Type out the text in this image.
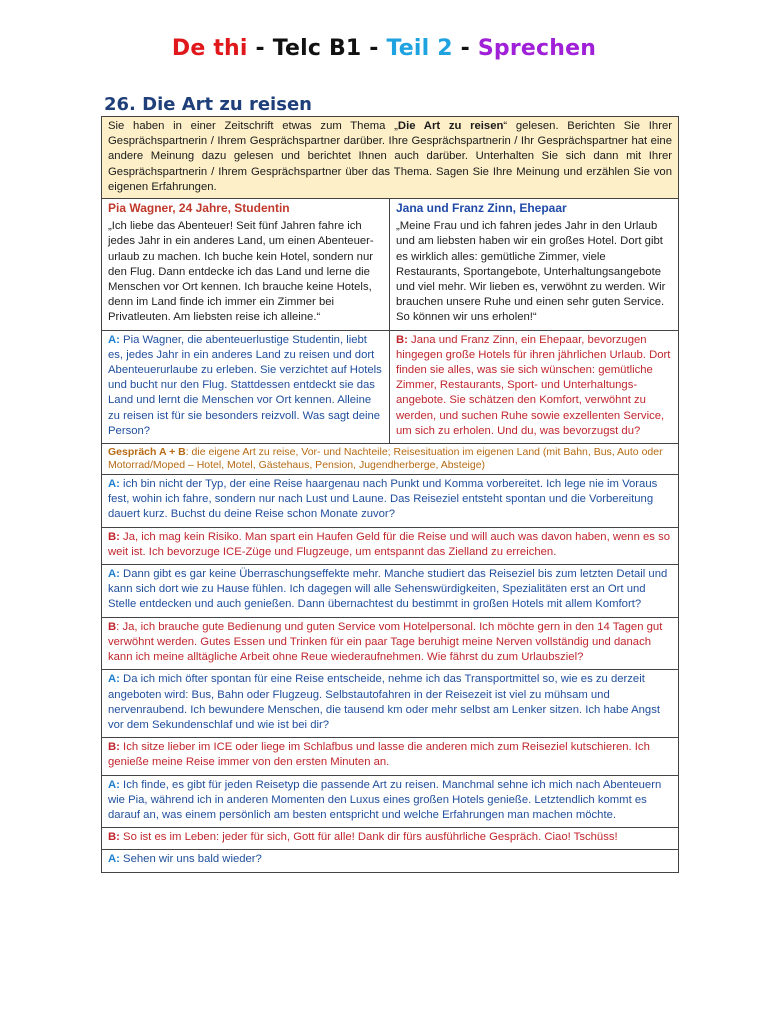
De thi - Telc B1 - Teil 2 - Sprechen
26. Die Art zu reisen
Sie haben in einer Zeitschrift etwas zum Thema „Die Art zu reisen“ gelesen. Berichten Sie Ihrer Gesprächspartnerin / Ihrem Gesprächspartner darüber. Ihre Gesprächspartnerin / Ihr Gesprächspartner hat eine andere Meinung dazu gelesen und berichtet Ihnen auch darüber. Unterhalten Sie sich dann mit Ihrer Gesprächspartnerin / Ihrem Gesprächspartner über das Thema. Sagen Sie Ihre Meinung und erzählen Sie von eigenen Erfahrungen.
Pia Wagner, 24 Jahre, Studentin
„Ich liebe das Abenteuer! Seit fünf Jahren fahre ich jedes Jahr in ein anderes Land, um einen Abenteuer-urlaub zu machen. Ich buche kein Hotel, sondern nur den Flug. Dann entdecke ich das Land und lerne die Menschen vor Ort kennen. Ich brauche keine Hotels, denn im Land finde ich immer ein Zimmer bei Privatleuten. Am liebsten reise ich alleine.“
Jana und Franz Zinn, Ehepaar
„Meine Frau und ich fahren jedes Jahr in den Urlaub und am liebsten haben wir ein großes Hotel. Dort gibt es wirklich alles: gemütliche Zimmer, viele Restaurants, Sportangebote, Unterhaltungsangebote und viel mehr. Wir lieben es, verwöhnt zu werden. Wir brauchen unsere Ruhe und einen sehr guten Service. So können wir uns erholen!“
A: Pia Wagner, die abenteuerlustige Studentin, liebt es, jedes Jahr in ein anderes Land zu reisen und dort Abenteuerurlaube zu erleben. Sie verzichtet auf Hotels und bucht nur den Flug. Stattdessen entdeckt sie das Land und lernt die Menschen vor Ort kennen. Alleine zu reisen ist für sie besonders reizvoll. Was sagt deine Person?
B: Jana und Franz Zinn, ein Ehepaar, bevorzugen hingegen große Hotels für ihren jährlichen Urlaub. Dort finden sie alles, was sie sich wünschen: gemütliche Zimmer, Restaurants, Sport- und Unterhaltungs-angebote. Sie schätzen den Komfort, verwöhnt zu werden, und suchen Ruhe sowie exzellenten Service, um sich zu erholen. Und du, was bevorzugst du?
Gespräch A + B: die eigene Art zu reise, Vor- und Nachteile; Reisesituation im eigenen Land (mit Bahn, Bus, Auto oder Motorrad/Moped – Hotel, Motel, Gästehaus, Pension, Jugendherberge, Absteige)
A: ich bin nicht der Typ, der eine Reise haargenau nach Punkt und Komma vorbereitet. Ich lege nie im Voraus fest, wohin ich fahre, sondern nur nach Lust und Laune. Das Reiseziel entsteht spontan und die Vorbereitung dauert kurz. Buchst du deine Reise schon Monate zuvor?
B: Ja, ich mag kein Risiko. Man spart ein Haufen Geld für die Reise und will auch was davon haben, wenn es so weit ist. Ich bevorzuge ICE-Züge und Flugzeuge, um entspannt das Zielland zu erreichen.
A: Dann gibt es gar keine Überraschungseffekte mehr. Manche studiert das Reiseziel bis zum letzten Detail und kann sich dort wie zu Hause fühlen. Ich dagegen will alle Sehenswürdigkeiten, Spezialitäten erst an Ort und Stelle entdecken und auch genießen. Dann übernachtest du bestimmt in großen Hotels mit allem Komfort?
B: Ja, ich brauche gute Bedienung und guten Service vom Hotelpersonal. Ich möchte gern in den 14 Tagen gut verwöhnt werden. Gutes Essen und Trinken für ein paar Tage beruhigt meine Nerven vollständig und danach kann ich meine alltägliche Arbeit ohne Reue wiederaufnehmen. Wie fährst du zum Urlaubsziel?
A: Da ich mich öfter spontan für eine Reise entscheide, nehme ich das Transportmittel so, wie es zu derzeit angeboten wird: Bus, Bahn oder Flugzeug. Selbstautofahren in der Reisezeit ist viel zu mühsam und nervenraubend. Ich bewundere Menschen, die tausend km oder mehr selbst am Lenker sitzen. Ich habe Angst vor dem Sekundenschlaf und wie ist bei dir?
B: Ich sitze lieber im ICE oder liege im Schlafbus und lasse die anderen mich zum Reiseziel kutschieren. Ich genieße meine Reise immer von den ersten Minuten an.
A: Ich finde, es gibt für jeden Reisetyp die passende Art zu reisen. Manchmal sehne ich mich nach Abenteuern wie Pia, während ich in anderen Momenten den Luxus eines großen Hotels genieße. Letztendlich kommt es darauf an, was einem persönlich am besten entspricht und welche Erfahrungen man machen möchte.
B: So ist es im Leben: jeder für sich, Gott für alle! Dank dir fürs ausführliche Gespräch. Ciao! Tschüss!
A: Sehen wir uns bald wieder?
